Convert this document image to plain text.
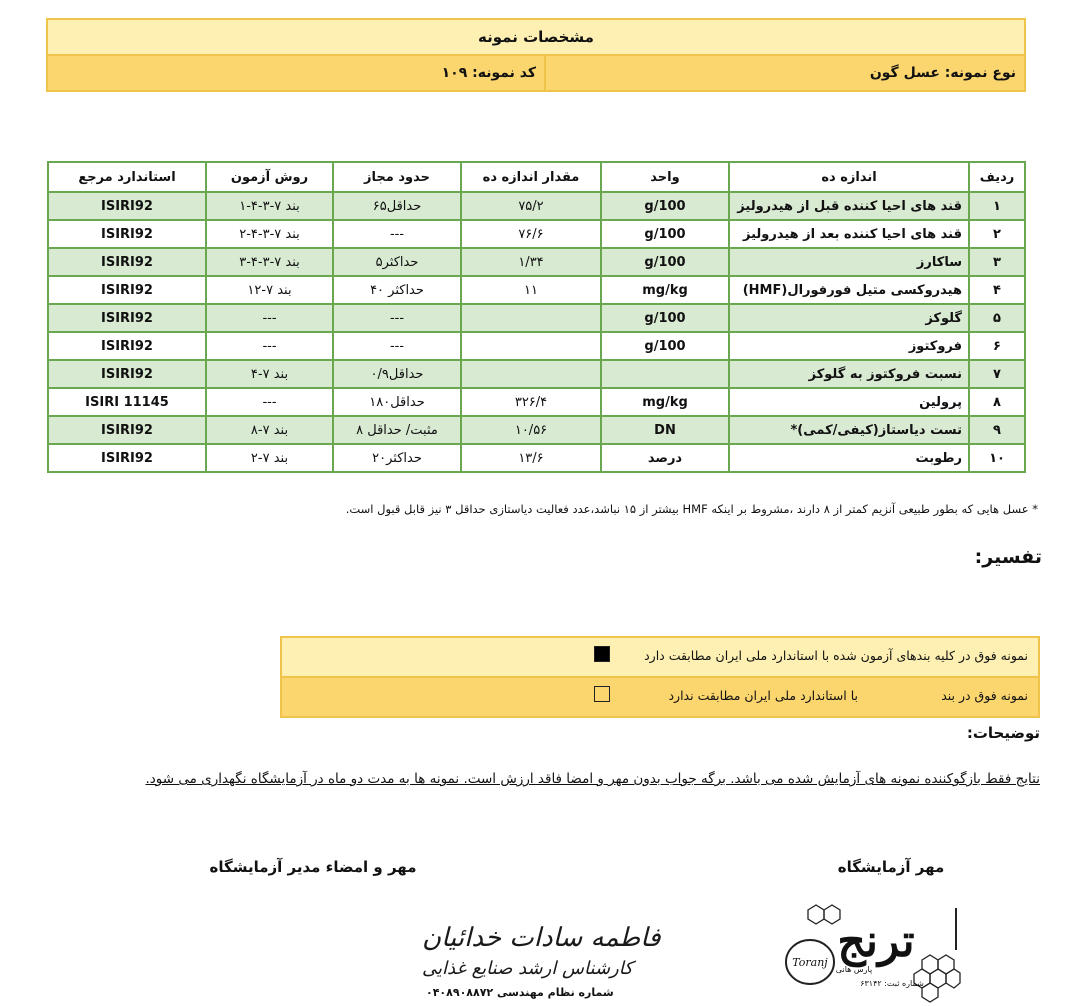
مشخصات نمونه
نوع نمونه: عسل گون
کد نمونه: ۱۰۹
ردیف	اندازه ده	واحد	مقدار اندازه ده	حدود مجاز	روش آزمون	استاندارد مرجع
۱	قند های احیا کننده قبل از هیدرولیز	g/100	۷۵/۲	حداقل۶۵	بند ۷-۳-۴-۱	ISIRI92
۲	قند های احیا کننده بعد از هیدرولیز	g/100	۷۶/۶	---	بند ۷-۳-۴-۲	ISIRI92
۳	ساکارز	g/100	۱/۳۴	حداکثر۵	بند ۷-۳-۴-۳	ISIRI92
۴	هیدروکسی متیل فورفورال(HMF)	mg/kg	۱۱	حداکثر ۴۰	بند ۷-۱۲	ISIRI92
۵	گلوکز	g/100		---	---	ISIRI92
۶	فروکتوز	g/100		---	---	ISIRI92
۷	نسبت فروکتوز به گلوکز			حداقل۰/۹	بند ۷-۴	ISIRI92
۸	پرولین	mg/kg	۳۲۶/۴	حداقل۱۸۰	---	ISIRI 11145
۹	تست دیاستاز(کیفی/کمی)*	DN	۱۰/۵۶	مثبت/ حداقل ۸	بند ۷-۸	ISIRI92
۱۰	رطوبت	درصد	۱۳/۶	حداکثر۲۰	بند ۷-۲	ISIRI92
* عسل هایی که بطور طبیعی آنزیم کمتر از ۸ دارند ،مشروط بر اینکه HMF بیشتر از ۱۵ نباشد،عدد فعالیت دیاستازی حداقل ۳ نیز قابل قبول است.
تفسیر:
نمونه فوق در کلیه بندهای آزمون شده با استاندارد ملی ایران مطابقت دارد
نمونه فوق در بند
با استاندارد ملی ایران مطابقت ندارد
توضیحات:
نتایج فقط بازگوکننده نمونه های آزمایش شده می باشد. برگه جواب بدون مهر و امضا فاقد ارزش است. نمونه ها به مدت دو ماه در آزمایشگاه نگهداری می شود.
مهر آزمایشگاه
مهر و امضاء مدیر آزمایشگاه
فاطمه سادات خدائیان
کارشناس ارشد صنایع غذایی
شماره نظام مهندسی ۰۴۰۸۹۰۸۸۷۲
ترنج
Toranj
پارس هانی
شماره ثبت: ۶۳۱۴۲
